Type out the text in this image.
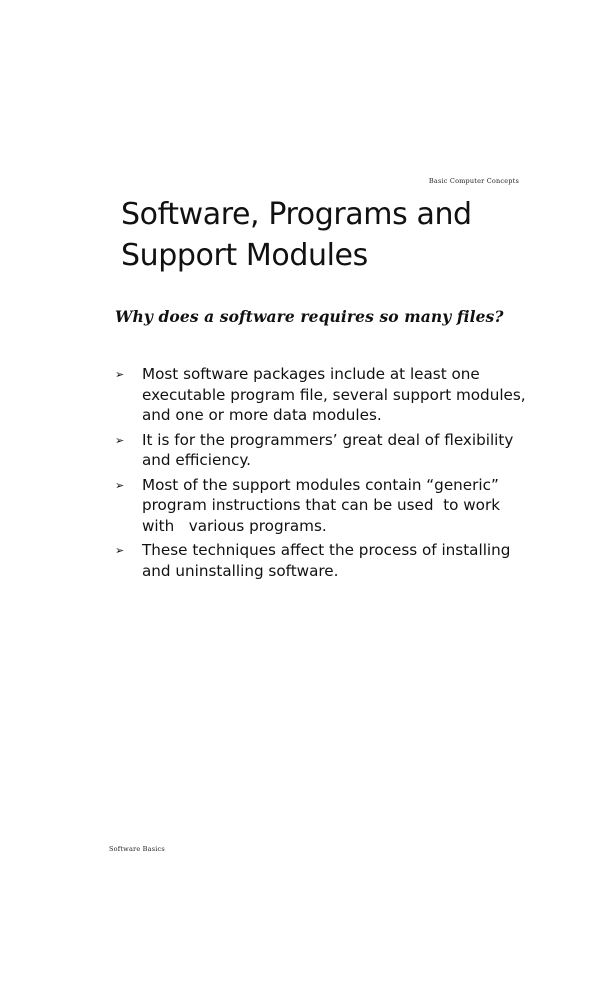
Basic Computer Concepts
Software, Programs and
Support Modules

Why does a software requires so many files?

➢ Most software packages include at least one executable program file, several support modules, and one or more data modules.
➢ It is for the programmers’ great deal of flexibility and efficiency.
➢ Most of the support modules contain “generic” program instructions that can be used  to work with   various programs.
➢ These techniques affect the process of installing and uninstalling software.
Software Basics
